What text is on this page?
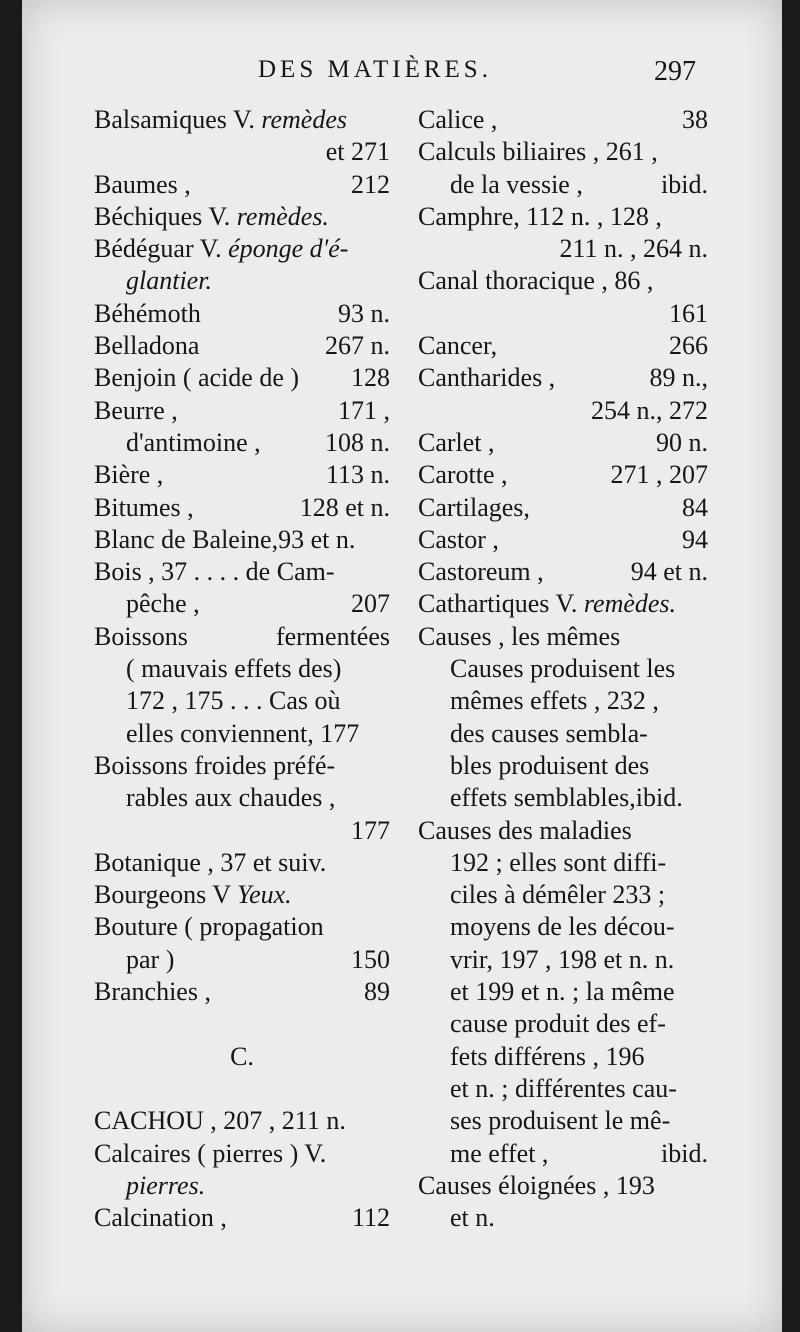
DES MATIÈRES.	297
Balsamiques V. remèdes
et 271
Baumes ,	212
Béchiques V. remèdes.
Bédéguar V. éponge d'é-
glantier.
Béhémoth	93 n.
Belladona	267 n.
Benjoin ( acide de ) 128
Beurre ,	171 ,
d'antimoine , 108 n.
Bière ,	113 n.
Bitumes ,	128 et n.
Blanc de Baleine,93 et n.
Bois , 37 . . . . de Cam-
pêche ,	207
Boissons	fermentées
( mauvais effets des)
172 , 175 . . . Cas où
elles conviennent, 177
Boissons froides préfé-
rables aux chaudes ,
177
Botanique , 37 et suiv.
Bourgeons V Yeux.
Bouture ( propagation
par )	150
Branchies ,	89
C.
CACHOU , 207 , 211 n.
Calcaires ( pierres ) V.
pierres.
Calcination ,	112
Calice ,	38
Calculs biliaires , 261 ,
de la vessie ,	ibid.
Camphre, 112 n. , 128 ,
211 n. , 264 n.
Canal thoracique , 86 ,
161
Cancer,	266
Cantharides ,	89 n.,
254 n., 272
Carlet ,	90 n.
Carotte ,	271 , 207
Cartilages,	84
Castor ,	94
Castoreum ,	94 et n.
Cathartiques V. remèdes.
Causes , les mêmes
Causes produisent les
mêmes effets , 232 ,
des causes sembla-
bles produisent des
effets semblables,ibid.
Causes des maladies
192 ; elles sont diffi-
ciles à démêler 233 ;
moyens de les décou-
vrir, 197 , 198 et n. n.
et 199 et n. ; la même
cause produit des ef-
fets différens , 196
et n. ; différentes cau-
ses produisent le mê-
me effet ,	ibid.
Causes éloignées , 193
et n.
